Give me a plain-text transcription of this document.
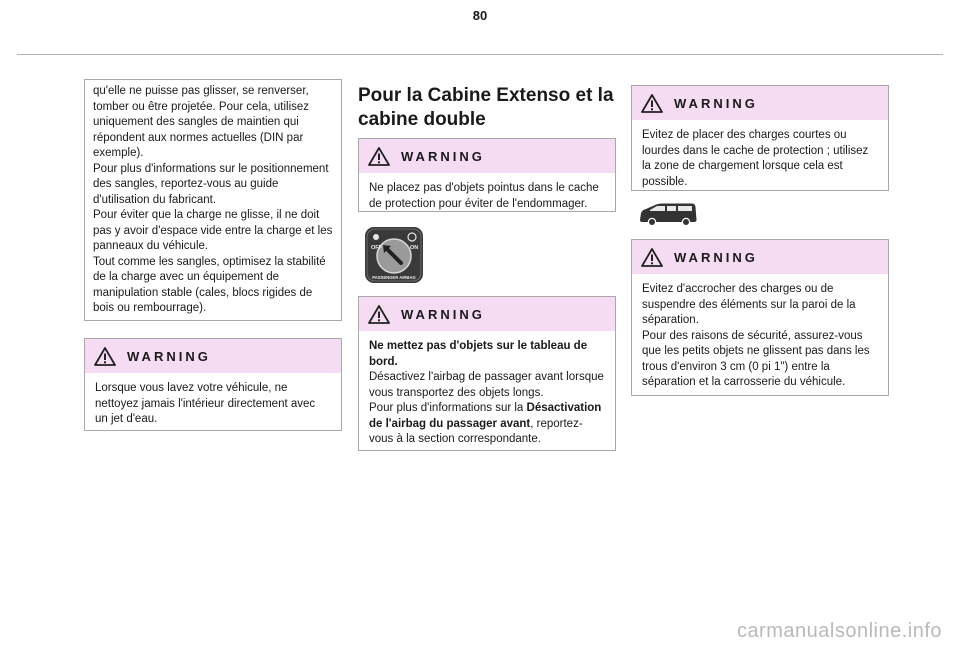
80

qu'elle ne puisse pas glisser, se renverser, tomber ou être projetée. Pour cela, utilisez uniquement des sangles de maintien qui répondent aux normes actuelles (DIN par exemple).

Pour plus d'informations sur le positionnement des sangles, reportez-vous au guide d'utilisation du fabricant.

Pour éviter que la charge ne glisse, il ne doit pas y avoir d'espace vide entre la charge et les panneaux du véhicule.

Tout comme les sangles, optimisez la stabilité de la charge avec un équipement de manipulation stable (cales, blocs rigides de bois ou rembourrage).

WARNING
Lorsque vous lavez votre véhicule, ne nettoyez jamais l'intérieur directement avec un jet d'eau.
Pour la Cabine Extenso et la cabine double
WARNING
Ne placez pas d'objets pointus dans le cache de protection pour éviter de l'endommager.
OFF	ON
PASSENGER AIRBAG
WARNING

Ne mettez pas d'objets sur le tableau de bord.

Désactivez l'airbag de passager avant lorsque vous transportez des objets longs.

Pour plus d'informations sur la Désactivation de l'airbag du passager avant, reportez-vous à la section correspondante.

WARNING
Evitez de placer des charges courtes ou lourdes dans le cache de protection ; utilisez la zone de chargement lorsque cela est possible.
WARNING

Evitez d'accrocher des charges ou de suspendre des éléments sur la paroi de la séparation.

Pour des raisons de sécurité, assurez-vous que les petits objets ne glissent pas dans les trous d'environ 3 cm (0 pi 1") entre la séparation et la carrosserie du véhicule.

carmanualsonline.info
